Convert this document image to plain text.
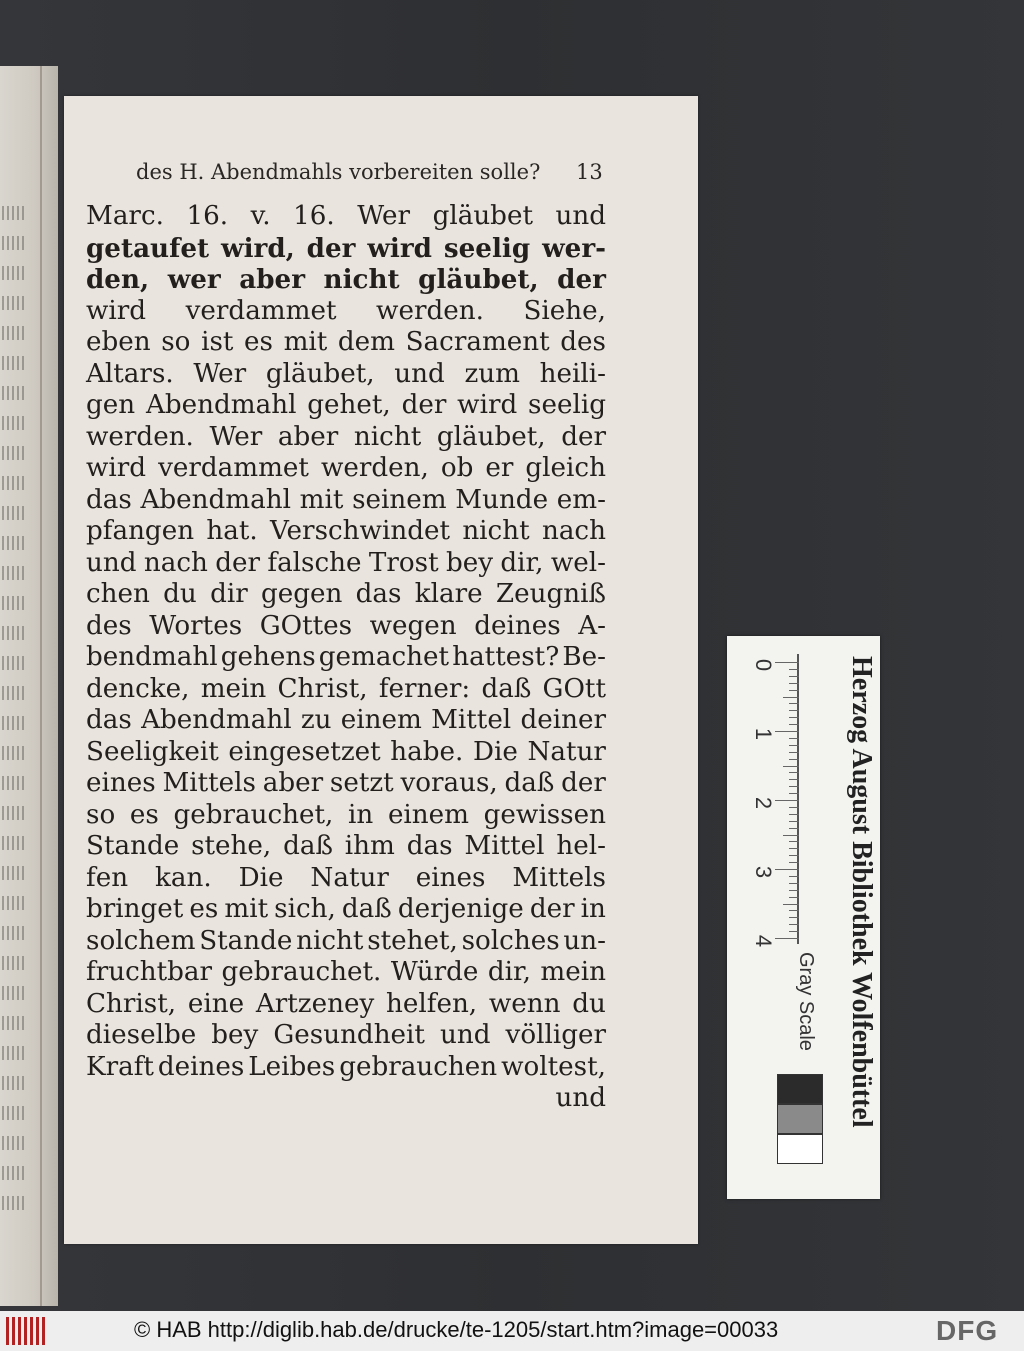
des H. Abendmahls vorbereiten solle?	13
Marc. 16. v. 16. Wer gläubet und
getaufet wird, der wird seelig wer-
den, wer aber nicht gläubet, der
wird verdammet werden. Siehe,
eben so ist es mit dem Sacrament des
Altars. Wer gläubet, und zum heili-
gen Abendmahl gehet, der wird seelig
werden. Wer aber nicht gläubet, der
wird verdammet werden, ob er gleich
das Abendmahl mit seinem Munde em-
pfangen hat. Verschwindet nicht nach
und nach der falsche Trost bey dir, wel-
chen du dir gegen das klare Zeugniß
des Wortes GOttes wegen deines A-
bendmahl gehens gemachet hattest? Be-
dencke, mein Christ, ferner: daß GOtt
das Abendmahl zu einem Mittel deiner
Seeligkeit eingesetzet habe. Die Natur
eines Mittels aber setzt voraus, daß der
so es gebrauchet, in einem gewissen
Stande stehe, daß ihm das Mittel hel-
fen kan. Die Natur eines Mittels
bringet es mit sich, daß derjenige der in
solchem Stande nicht stehet, solches un-
fruchtbar gebrauchet. Würde dir, mein
Christ, eine Artzeney helfen, wenn du
dieselbe bey Gesundheit und völliger
Kraft deines Leibes gebrauchen woltest,
und	Herzog August Bibliothek Wolfenbüttel
Gray Scale
0
1
2
3
4
© HAB http://diglib.hab.de/drucke/te-1205/start.htm?image=00033	DFG
